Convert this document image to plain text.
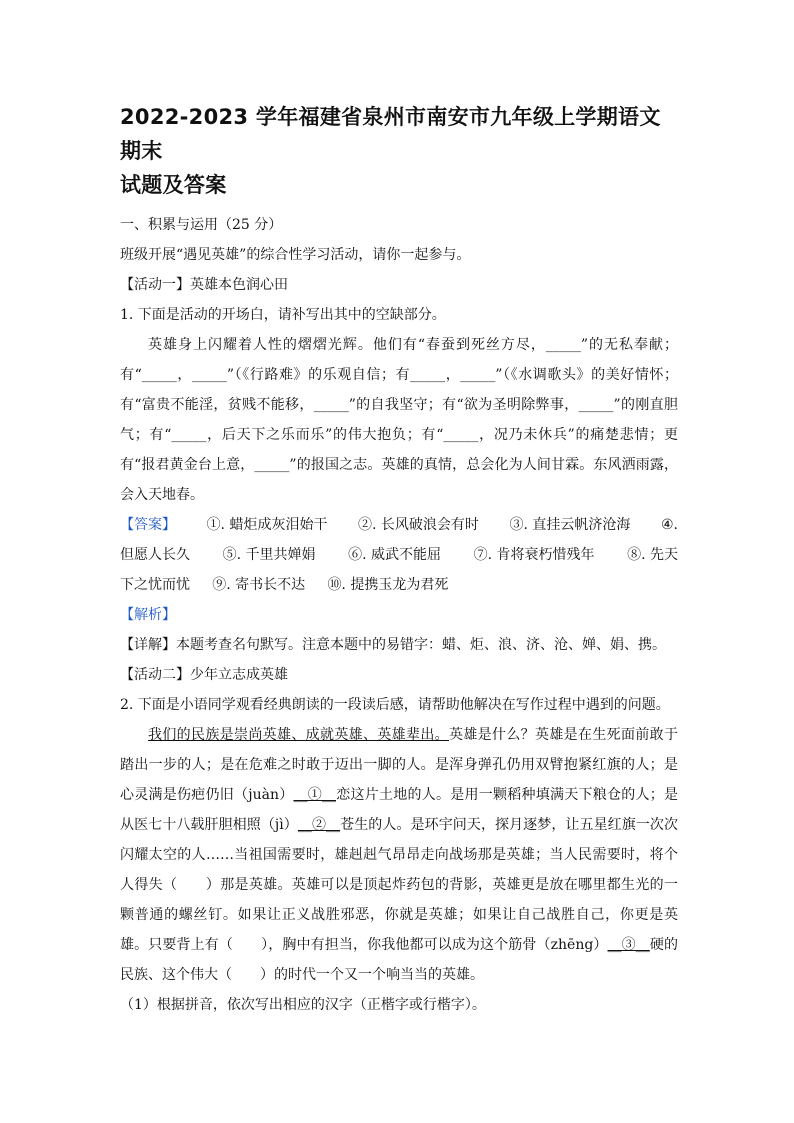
2022-2023 学年福建省泉州市南安市九年级上学期语文期末
试题及答案
一、积累与运用（25 分）
班级开展“遇见英雄”的综合性学习活动，请你一起参与。
【活动一】英雄本色润心田
1. 下面是活动的开场白，请补写出其中的空缺部分。
英雄身上闪耀着人性的熠熠光辉。他们有“春蚕到死丝方尽，_____”的无私奉献；有“_____，_____”（《行路难》的乐观自信；有_____，_____”（《水调歌头》的美好情怀；有“富贵不能淫，贫贱不能移，_____”的自我坚守；有“欲为圣明除弊事，_____”的刚直胆气；有“_____，后天下之乐而乐”的伟大抱负；有“_____，况乃未休兵”的痛楚悲情；更有“报君黄金台上意，_____”的报国之志。英雄的真情，总会化为人间甘霖。东风洒雨露，会入天地春。
【答案】 ①. 蜡炬成灰泪始干 ②. 长风破浪会有时 ③. 直挂云帆济沧海 ④.
但愿人长久 ⑤. 千里共婵娟 ⑥. 威武不能屈 ⑦. 肯将衰朽惜残年 ⑧. 先天
下之忧而忧 ⑨. 寄书长不达 ⑩. 提携玉龙为君死
【解析】
【详解】本题考查名句默写。注意本题中的易错字：蜡、炬、浪、济、沧、婵、娟、携。
【活动二】少年立志成英雄
2. 下面是小语同学观看经典朗读的一段读后感，请帮助他解决在写作过程中遇到的问题。
我们的民族是崇尚英雄、成就英雄、英雄辈出。英雄是什么？英雄是在生死面前敢于踏出一步的人；是在危难之时敢于迈出一脚的人。是浑身弹孔仍用双臂抱紧红旗的人；是心灵满是伤疤仍旧（juàn）__①__恋这片土地的人。是用一颗稻种填满天下粮仓的人；是从医七十八载肝胆相照（jì）__②__苍生的人。是环宇问天，探月逐梦，让五星红旗一次次闪耀太空的人……当祖国需要时，雄赳赳气昂昂走向战场那是英雄；当人民需要时，将个人得失（　　）那是英雄。英雄可以是顶起炸药包的背影，英雄更是放在哪里都生光的一颗普通的螺丝钉。如果让正义战胜邪恶，你就是英雄；如果让自己战胜自己，你更是英雄。只要背上有（　　），胸中有担当，你我他都可以成为这个筋骨（zhēng）__③__硬的民族、这个伟大（　　）的时代一个又一个响当当的英雄。
（1）根据拼音，依次写出相应的汉字（正楷字或行楷字）。
